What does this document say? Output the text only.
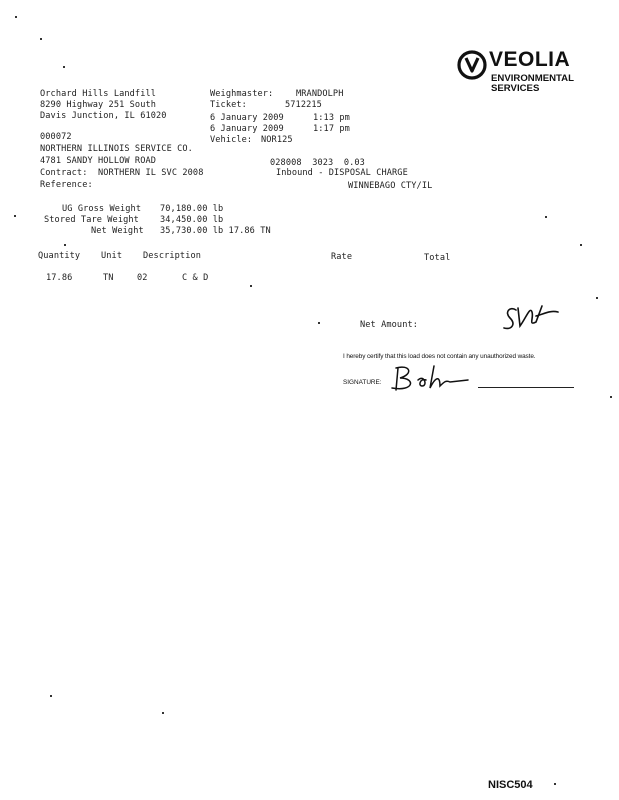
VEOLIA
ENVIRONMENTAL
SERVICES
Orchard Hills Landfill
8290 Highway 251 South
Davis Junction, IL 61020
Weighmaster:	MRANDOLPH
Ticket:	5712215
6 January 2009	1:13 pm
6 January 2009	1:17 pm
Vehicle: NOR125
000072
NORTHERN ILLINOIS SERVICE CO.
4781 SANDY HOLLOW ROAD	028008  3023  0.03
Contract: NORTHERN IL SVC 2008	Inbound - DISPOSAL CHARGE
Reference:	WINNEBAGO CTY/IL
UG Gross Weight 70,180.00 lb
Stored Tare Weight 34,450.00 lb
Net Weight 35,730.00 lb 17.86 TN
Quantity Unit Description	Rate	Total
17.86	TN	02	C & D
Net Amount:
I hereby certify that this load does not contain any unauthorized waste.
SIGNATURE:
NISC504
